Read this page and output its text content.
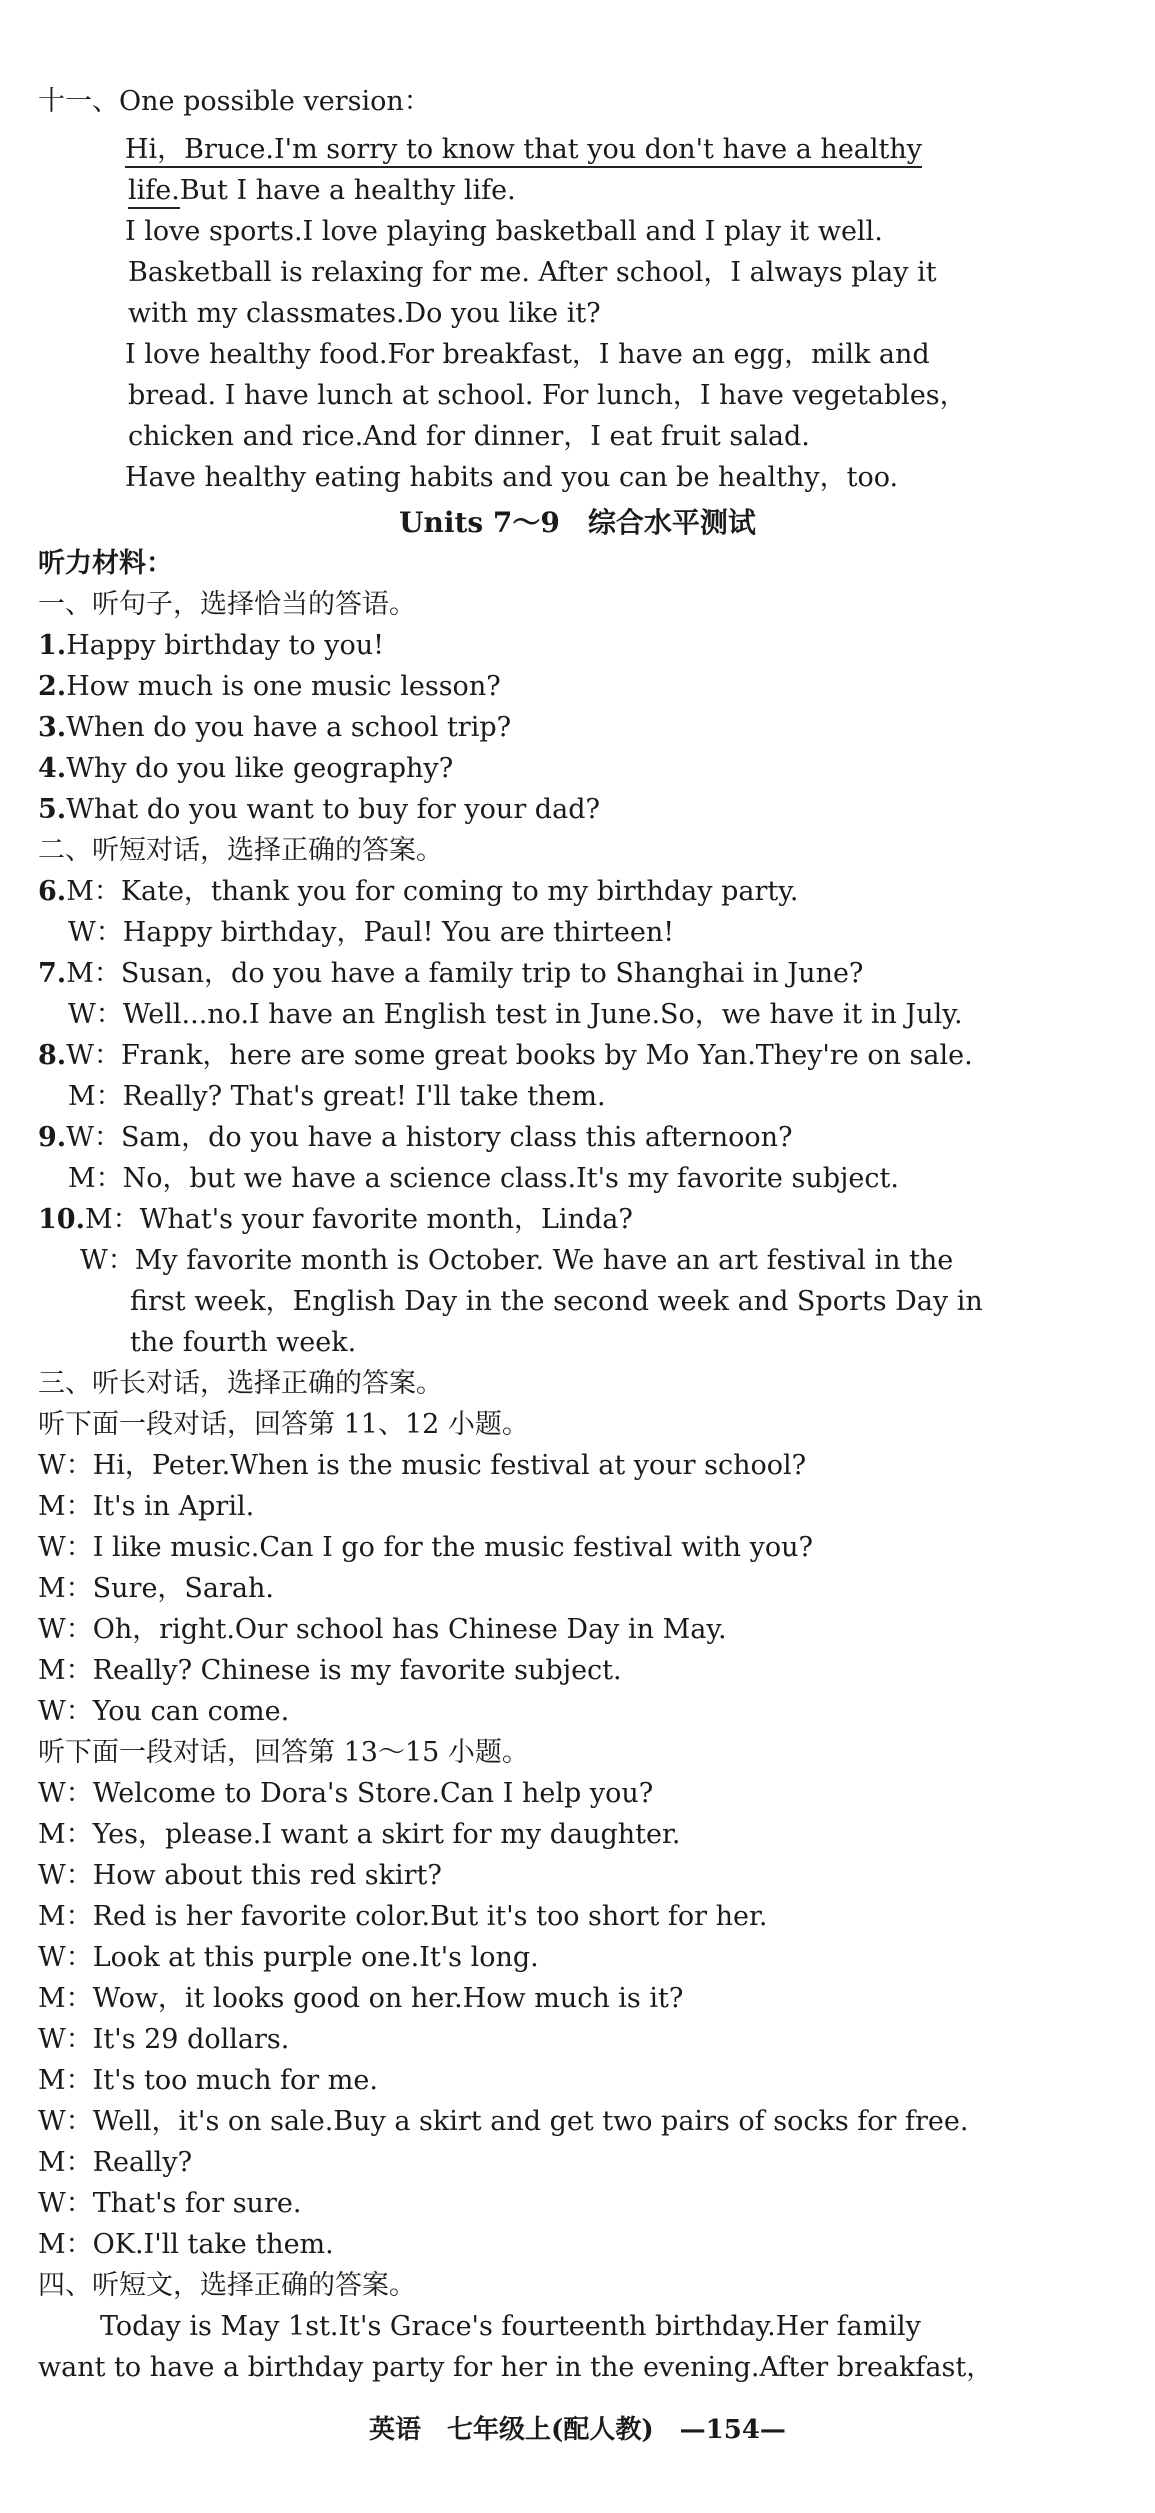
十一、One possible version：
Hi，Bruce.I'm sorry to know that you don't have a healthy
life.But I have a healthy life.
I love sports.I love playing basketball and I play it well.
Basketball is relaxing for me. After school，I always play it
with my classmates.Do you like it?
I love healthy food.For breakfast，I have an egg，milk and
bread. I have lunch at school. For lunch，I have vegetables，
chicken and rice.And for dinner，I eat fruit salad.
Have healthy eating habits and you can be healthy，too.
Units 7～9　综合水平测试
听力材料：
一、听句子，选择恰当的答语。
1.Happy birthday to you!
2.How much is one music lesson?
3.When do you have a school trip?
4.Why do you like geography?
5.What do you want to buy for your dad?
二、听短对话，选择正确的答案。
6.M：Kate，thank you for coming to my birthday party.
W：Happy birthday，Paul! You are thirteen!
7.M：Susan，do you have a family trip to Shanghai in June?
W：Well...no.I have an English test in June.So，we have it in July.
8.W：Frank，here are some great books by Mo Yan.They're on sale.
M：Really? That's great! I'll take them.
9.W：Sam，do you have a history class this afternoon?
M：No，but we have a science class.It's my favorite subject.
10.M：What's your favorite month，Linda?
W：My favorite month is October. We have an art festival in the
first week，English Day in the second week and Sports Day in
the fourth week.
三、听长对话，选择正确的答案。
听下面一段对话，回答第 11、12 小题。
W：Hi，Peter.When is the music festival at your school?
M：It's in April.
W：I like music.Can I go for the music festival with you?
M：Sure，Sarah.
W：Oh，right.Our school has Chinese Day in May.
M：Really? Chinese is my favorite subject.
W：You can come.
听下面一段对话，回答第 13～15 小题。
W：Welcome to Dora's Store.Can I help you?
M：Yes，please.I want a skirt for my daughter.
W：How about this red skirt?
M：Red is her favorite color.But it's too short for her.
W：Look at this purple one.It's long.
M：Wow，it looks good on her.How much is it?
W：It's 29 dollars.
M：It's too much for me.
W：Well，it's on sale.Buy a skirt and get two pairs of socks for free.
M：Really?
W：That's for sure.
M：OK.I'll take them.
四、听短文，选择正确的答案。
Today is May 1st.It's Grace's fourteenth birthday.Her family
want to have a birthday party for her in the evening.After breakfast，
英语　七年级上(配人教)　—154—
